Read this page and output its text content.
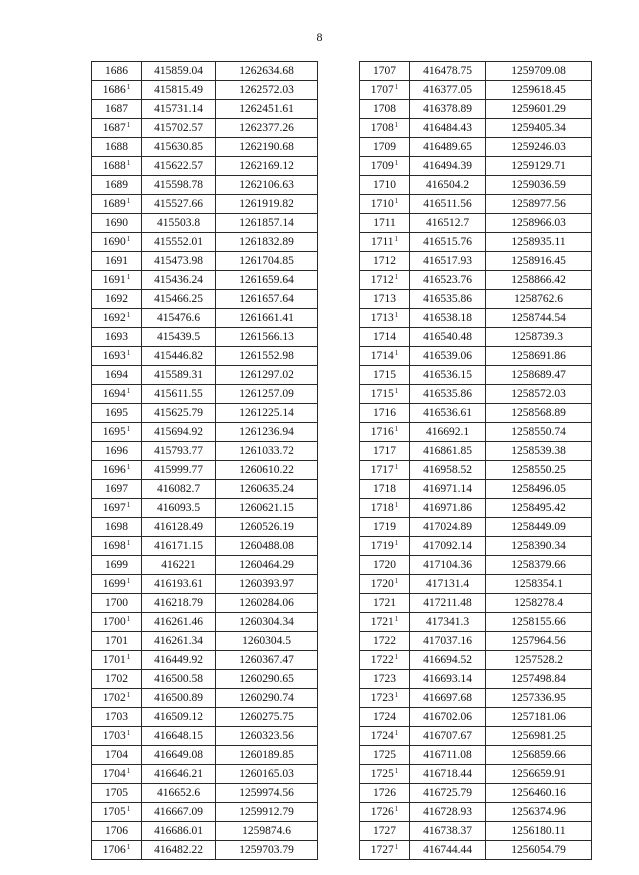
8
1686	415859.04	1262634.68
1686$^1$	415815.49	1262572.03
1687	415731.14	1262451.61
1687$^1$	415702.57	1262377.26
1688	415630.85	1262190.68
1688$^1$	415622.57	1262169.12
1689	415598.78	1262106.63
1689$^1$	415527.66	1261919.82
1690	415503.8	1261857.14
1690$^1$	415552.01	1261832.89
1691	415473.98	1261704.85
1691$^1$	415436.24	1261659.64
1692	415466.25	1261657.64
1692$^1$	415476.6	1261661.41
1693	415439.5	1261566.13
1693$^1$	415446.82	1261552.98
1694	415589.31	1261297.02
1694$^1$	415611.55	1261257.09
1695	415625.79	1261225.14
1695$^1$	415694.92	1261236.94
1696	415793.77	1261033.72
1696$^1$	415999.77	1260610.22
1697	416082.7	1260635.24
1697$^1$	416093.5	1260621.15
1698	416128.49	1260526.19
1698$^1$	416171.15	1260488.08
1699	416221	1260464.29
1699$^1$	416193.61	1260393.97
1700	416218.79	1260284.06
1700$^1$	416261.46	1260304.34
1701	416261.34	1260304.5
1701$^1$	416449.92	1260367.47
1702	416500.58	1260290.65
1702$^1$	416500.89	1260290.74
1703	416509.12	1260275.75
1703$^1$	416648.15	1260323.56
1704	416649.08	1260189.85
1704$^1$	416646.21	1260165.03
1705	416652.6	1259974.56
1705$^1$	416667.09	1259912.79
1706	416686.01	1259874.6
1706$^1$	416482.22	1259703.79
1707	416478.75	1259709.08
1707$^1$	416377.05	1259618.45
1708	416378.89	1259601.29
1708$^1$	416484.43	1259405.34
1709	416489.65	1259246.03
1709$^1$	416494.39	1259129.71
1710	416504.2	1259036.59
1710$^1$	416511.56	1258977.56
1711	416512.7	1258966.03
1711$^1$	416515.76	1258935.11
1712	416517.93	1258916.45
1712$^1$	416523.76	1258866.42
1713	416535.86	1258762.6
1713$^1$	416538.18	1258744.54
1714	416540.48	1258739.3
1714$^1$	416539.06	1258691.86
1715	416536.15	1258689.47
1715$^1$	416535.86	1258572.03
1716	416536.61	1258568.89
1716$^1$	416692.1	1258550.74
1717	416861.85	1258539.38
1717$^1$	416958.52	1258550.25
1718	416971.14	1258496.05
1718$^1$	416971.86	1258495.42
1719	417024.89	1258449.09
1719$^1$	417092.14	1258390.34
1720	417104.36	1258379.66
1720$^1$	417131.4	1258354.1
1721	417211.48	1258278.4
1721$^1$	417341.3	1258155.66
1722	417037.16	1257964.56
1722$^1$	416694.52	1257528.2
1723	416693.14	1257498.84
1723$^1$	416697.68	1257336.95
1724	416702.06	1257181.06
1724$^1$	416707.67	1256981.25
1725	416711.08	1256859.66
1725$^1$	416718.44	1256659.91
1726	416725.79	1256460.16
1726$^1$	416728.93	1256374.96
1727	416738.37	1256180.11
1727$^1$	416744.44	1256054.79
